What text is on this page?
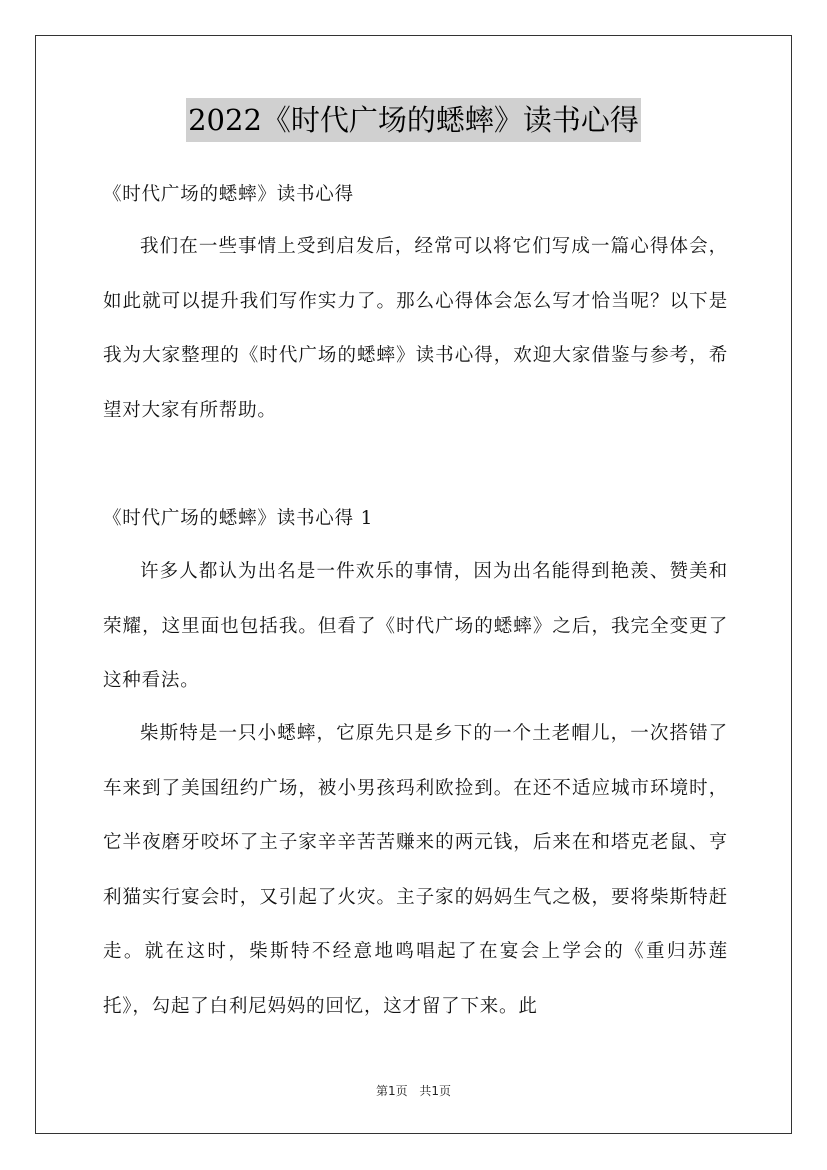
2022《时代广场的蟋蟀》读书心得

《时代广场的蟋蟀》读书心得

我们在一些事情上受到启发后，经常可以将它们写成一篇心得体会，如此就可以提升我们写作实力了。那么心得体会怎么写才恰当呢？以下是我为大家整理的《时代广场的蟋蟀》读书心得，欢迎大家借鉴与参考，希望对大家有所帮助。

《时代广场的蟋蟀》读书心得 1

许多人都认为出名是一件欢乐的事情，因为出名能得到艳羡、赞美和荣耀，这里面也包括我。但看了《时代广场的蟋蟀》之后，我完全变更了这种看法。

柴斯特是一只小蟋蟀，它原先只是乡下的一个土老帽儿，一次搭错了车来到了美国纽约广场，被小男孩玛利欧捡到。在还不适应城市环境时，它半夜磨牙咬坏了主子家辛辛苦苦赚来的两元钱，后来在和塔克老鼠、亨利猫实行宴会时，又引起了火灾。主子家的妈妈生气之极，要将柴斯特赶走。就在这时，柴斯特不经意地鸣唱起了在宴会上学会的《重归苏莲托》，勾起了白利尼妈妈的回忆，这才留了下来。此

第1页 共1页
